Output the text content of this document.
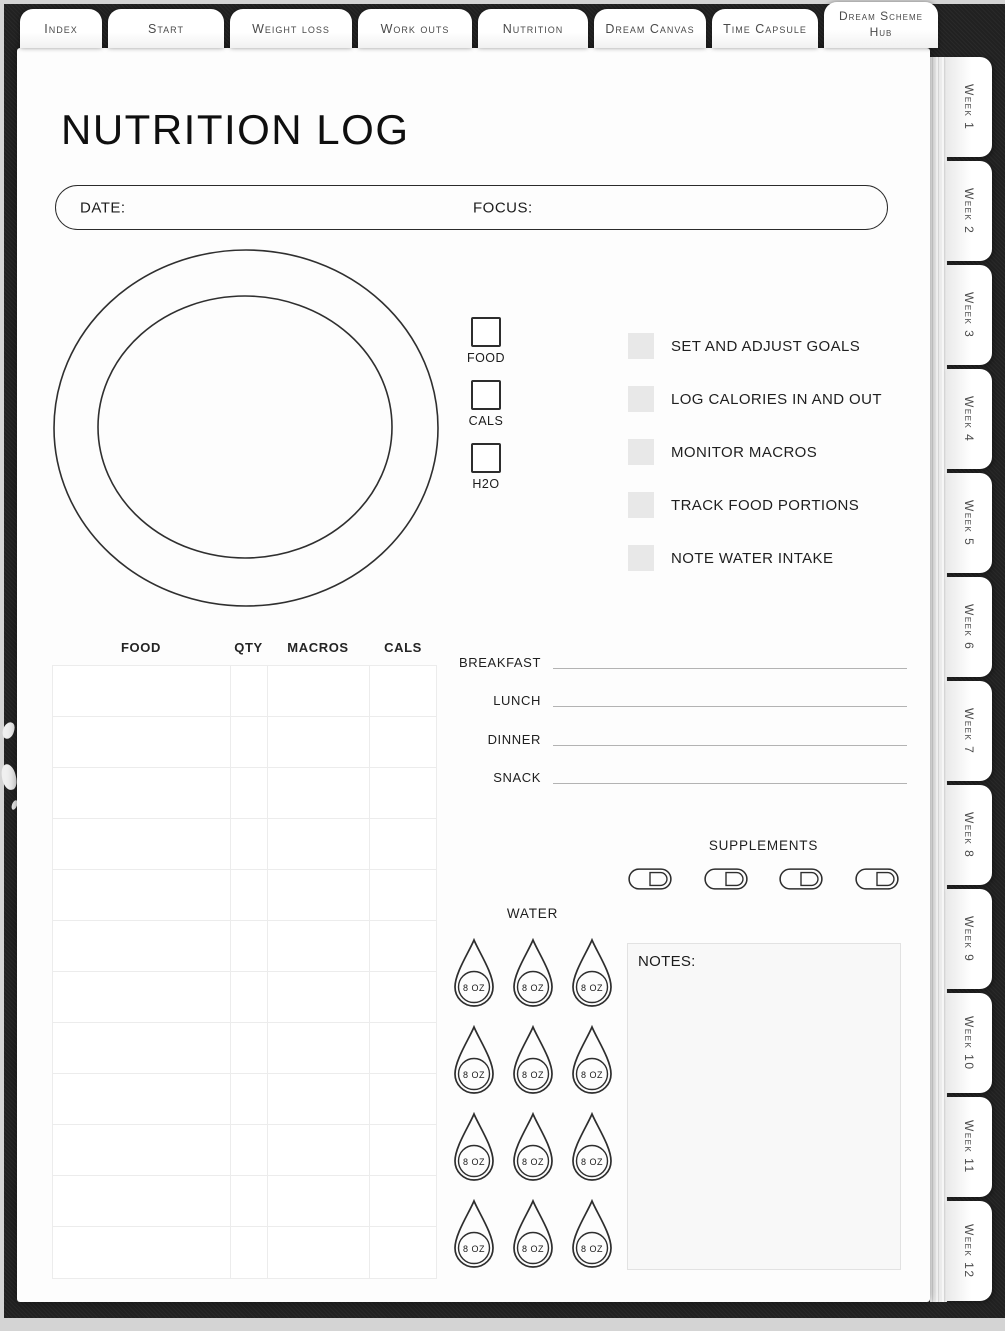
Week 1
Week 2
Week 3
Week 4
Week 5
Week 6
Week 7
Week 8
Week 9
Week 10
Week 11
Week 12
NUTRITION LOG
DATE:	FOCUS:
FOOD
CALS
H2O
SET AND ADJUST GOALS
LOG CALORIES IN AND OUT
MONITOR MACROS
TRACK FOOD PORTIONS
NOTE WATER INTAKE
FOOD	QTY	MACROS	CALS
BREAKFAST
LUNCH
DINNER
SNACK
SUPPLEMENTS
WATER
8 OZ	8 OZ	8 OZ
8 OZ	8 OZ	8 OZ
8 OZ	8 OZ	8 OZ
8 OZ	8 OZ	8 OZ
NOTES:
Index	Start	Weight loss	Work outs	Nutrition	Dream Canvas Time Capsule
Dream Scheme Hub
